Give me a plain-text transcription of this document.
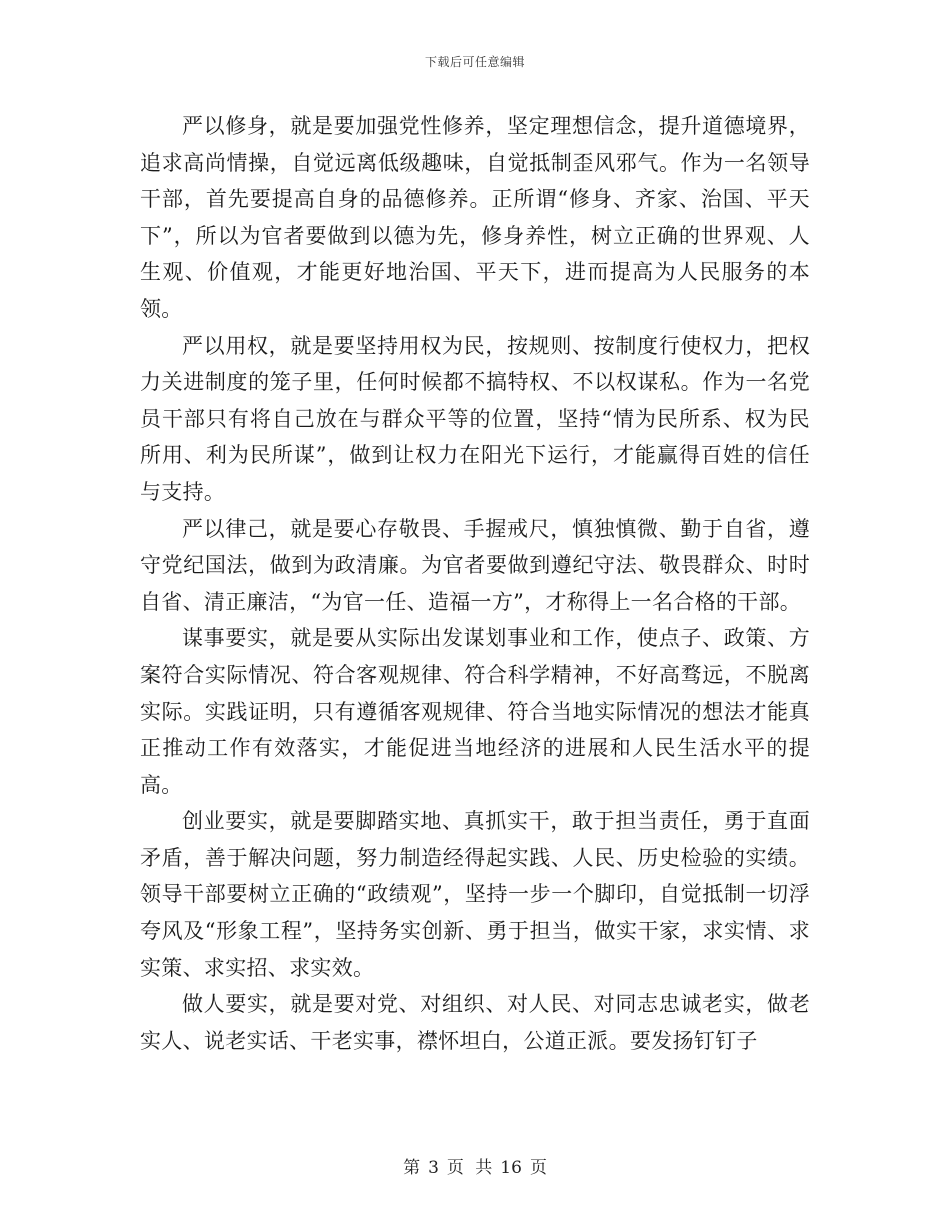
下载后可任意编辑

严以修身，就是要加强党性修养，坚定理想信念，提升道德境界，追求高尚情操，自觉远离低级趣味，自觉抵制歪风邪气。作为一名领导干部，首先要提高自身的品德修养。正所谓“修身、齐家、治国、平天下”，所以为官者要做到以德为先，修身养性，树立正确的世界观、人生观、价值观，才能更好地治国、平天下，进而提高为人民服务的本领。

严以用权，就是要坚持用权为民，按规则、按制度行使权力，把权力关进制度的笼子里，任何时候都不搞特权、不以权谋私。作为一名党员干部只有将自己放在与群众平等的位置，坚持“情为民所系、权为民所用、利为民所谋”，做到让权力在阳光下运行，才能赢得百姓的信任与支持。

严以律己，就是要心存敬畏、手握戒尺，慎独慎微、勤于自省，遵守党纪国法，做到为政清廉。为官者要做到遵纪守法、敬畏群众、时时自省、清正廉洁，“为官一任、造福一方”，才称得上一名合格的干部。

谋事要实，就是要从实际出发谋划事业和工作，使点子、政策、方案符合实际情况、符合客观规律、符合科学精神，不好高骛远，不脱离实际。实践证明，只有遵循客观规律、符合当地实际情况的想法才能真正推动工作有效落实，才能促进当地经济的进展和人民生活水平的提高。

创业要实，就是要脚踏实地、真抓实干，敢于担当责任，勇于直面矛盾，善于解决问题，努力制造经得起实践、人民、历史检验的实绩。领导干部要树立正确的“政绩观”，坚持一步一个脚印，自觉抵制一切浮夸风及“形象工程”，坚持务实创新、勇于担当，做实干家，求实情、求实策、求实招、求实效。

做人要实，就是要对党、对组织、对人民、对同志忠诚老实，做老实人、说老实话、干老实事，襟怀坦白，公道正派。要发扬钉钉子

第 3 页 共 16 页
